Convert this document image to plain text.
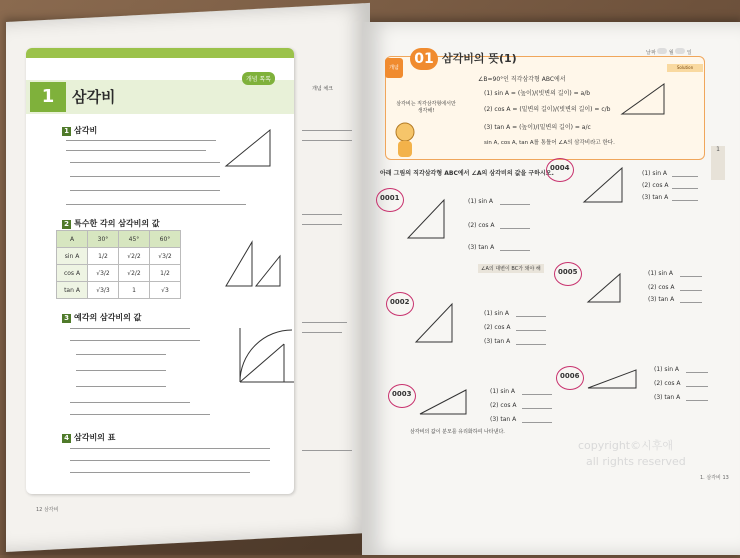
1	삼각비
개념 톡톡
개념 체크
1 삼각비
2 특수한 각의 삼각비의 값
A	30°	45°	60°
sin A	1/2	√2/2	√3/2
cos A	√3/2	√2/2	1/2
tan A	√3/3	1	√3
3 예각의 삼각비의 값
4 삼각비의 표
12 삼각비
개념
01 삼각비의 뜻(1)	날짜	월	일
Solution
∠B=90°인 직각삼각형 ABC에서
(1) sin A = (높이)/(빗변의 길이) = a/b
(2) cos A = (밑변의 길이)/(빗변의 길이) = c/b
(3) tan A = (높이)/(밑변의 길이) = a/c
sin A, cos A, tan A를 통틀어 ∠A의 삼각비라고 한다.
삼각비는 직각삼각형에서만 생각해!
아래 그림의 직각삼각형 ABC에서 ∠A의 삼각비의 값을 구하시오.
0001	(1) sin A
(2) cos A
(3) tan A
∠A의 대변이 BC가 돼야 해
0002
(1) sin A
(2) cos A
(3) tan A
0003	(1) sin A
(2) cos A
(3) tan A
삼각비의 값이 분모를 유리화하여 나타낸다.
0004
(1) sin A
(2) cos A
(3) tan A
0005	(1) sin A
(2) cos A
(3) tan A
0006
(1) sin A
(2) cos A
(3) tan A
1
copyright©시후애
all rights reserved
1. 삼각비 13
